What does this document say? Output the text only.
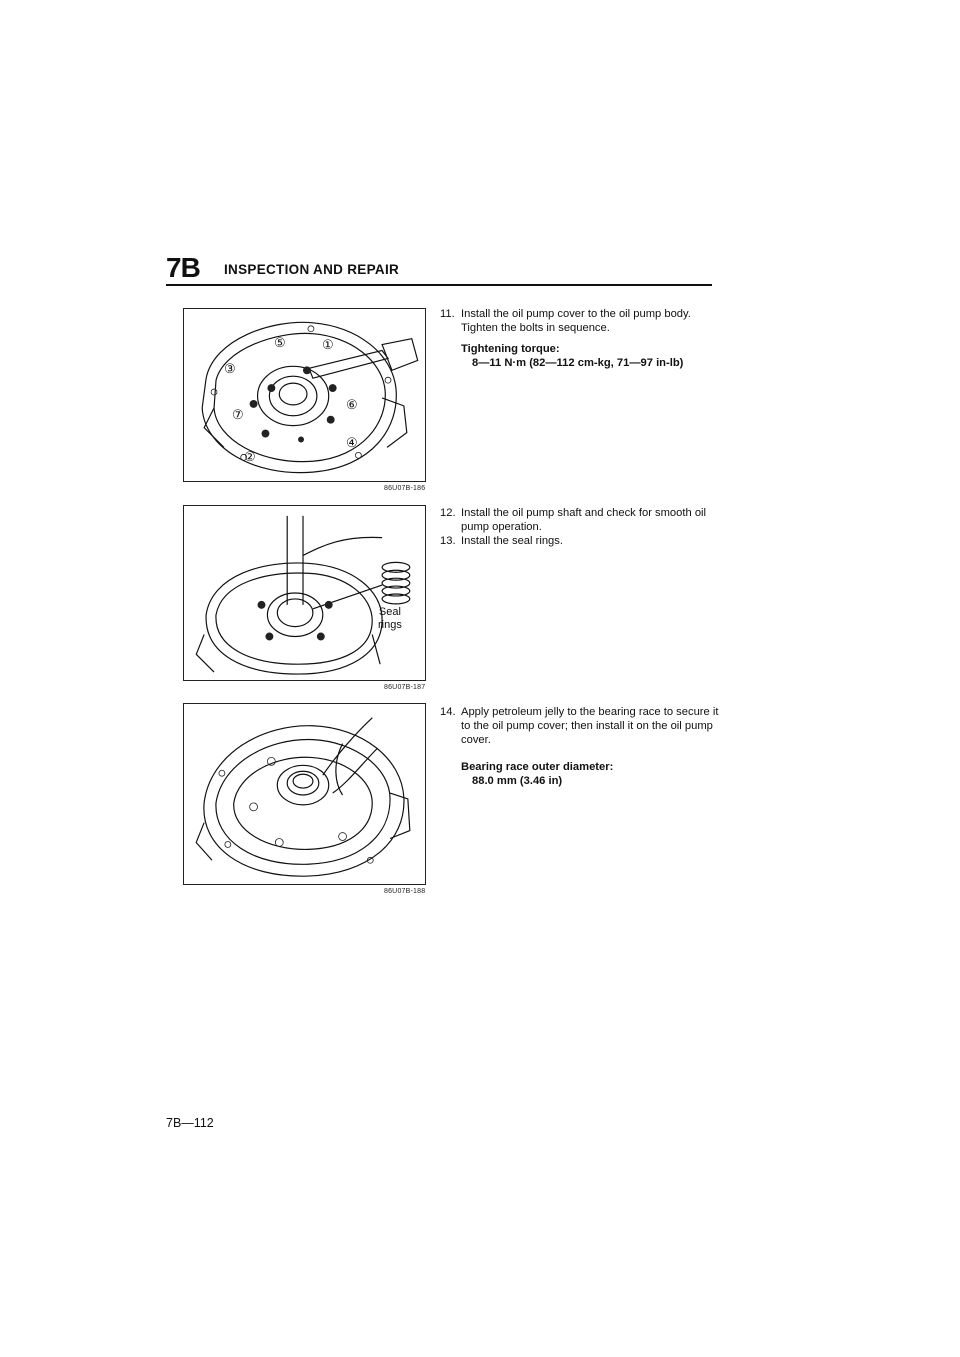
7B INSPECTION AND REPAIR
①
②
③
④
⑤
⑥
⑦
86U07B-186
Seal
rings
86U07B-187
86U07B-188
11. Install the oil pump cover to the oil pump body. Tighten the bolts in sequence.
Tightening torque:
8—11 N·m (82—112 cm-kg, 71—97 in-lb)
12. Install the oil pump shaft and check for smooth oil pump operation.
13. Install the seal rings.
14. Apply petroleum jelly to the bearing race to secure it to the oil pump cover; then install it on the oil pump cover.
Bearing race outer diameter:
88.0 mm (3.46 in)
7B—112
